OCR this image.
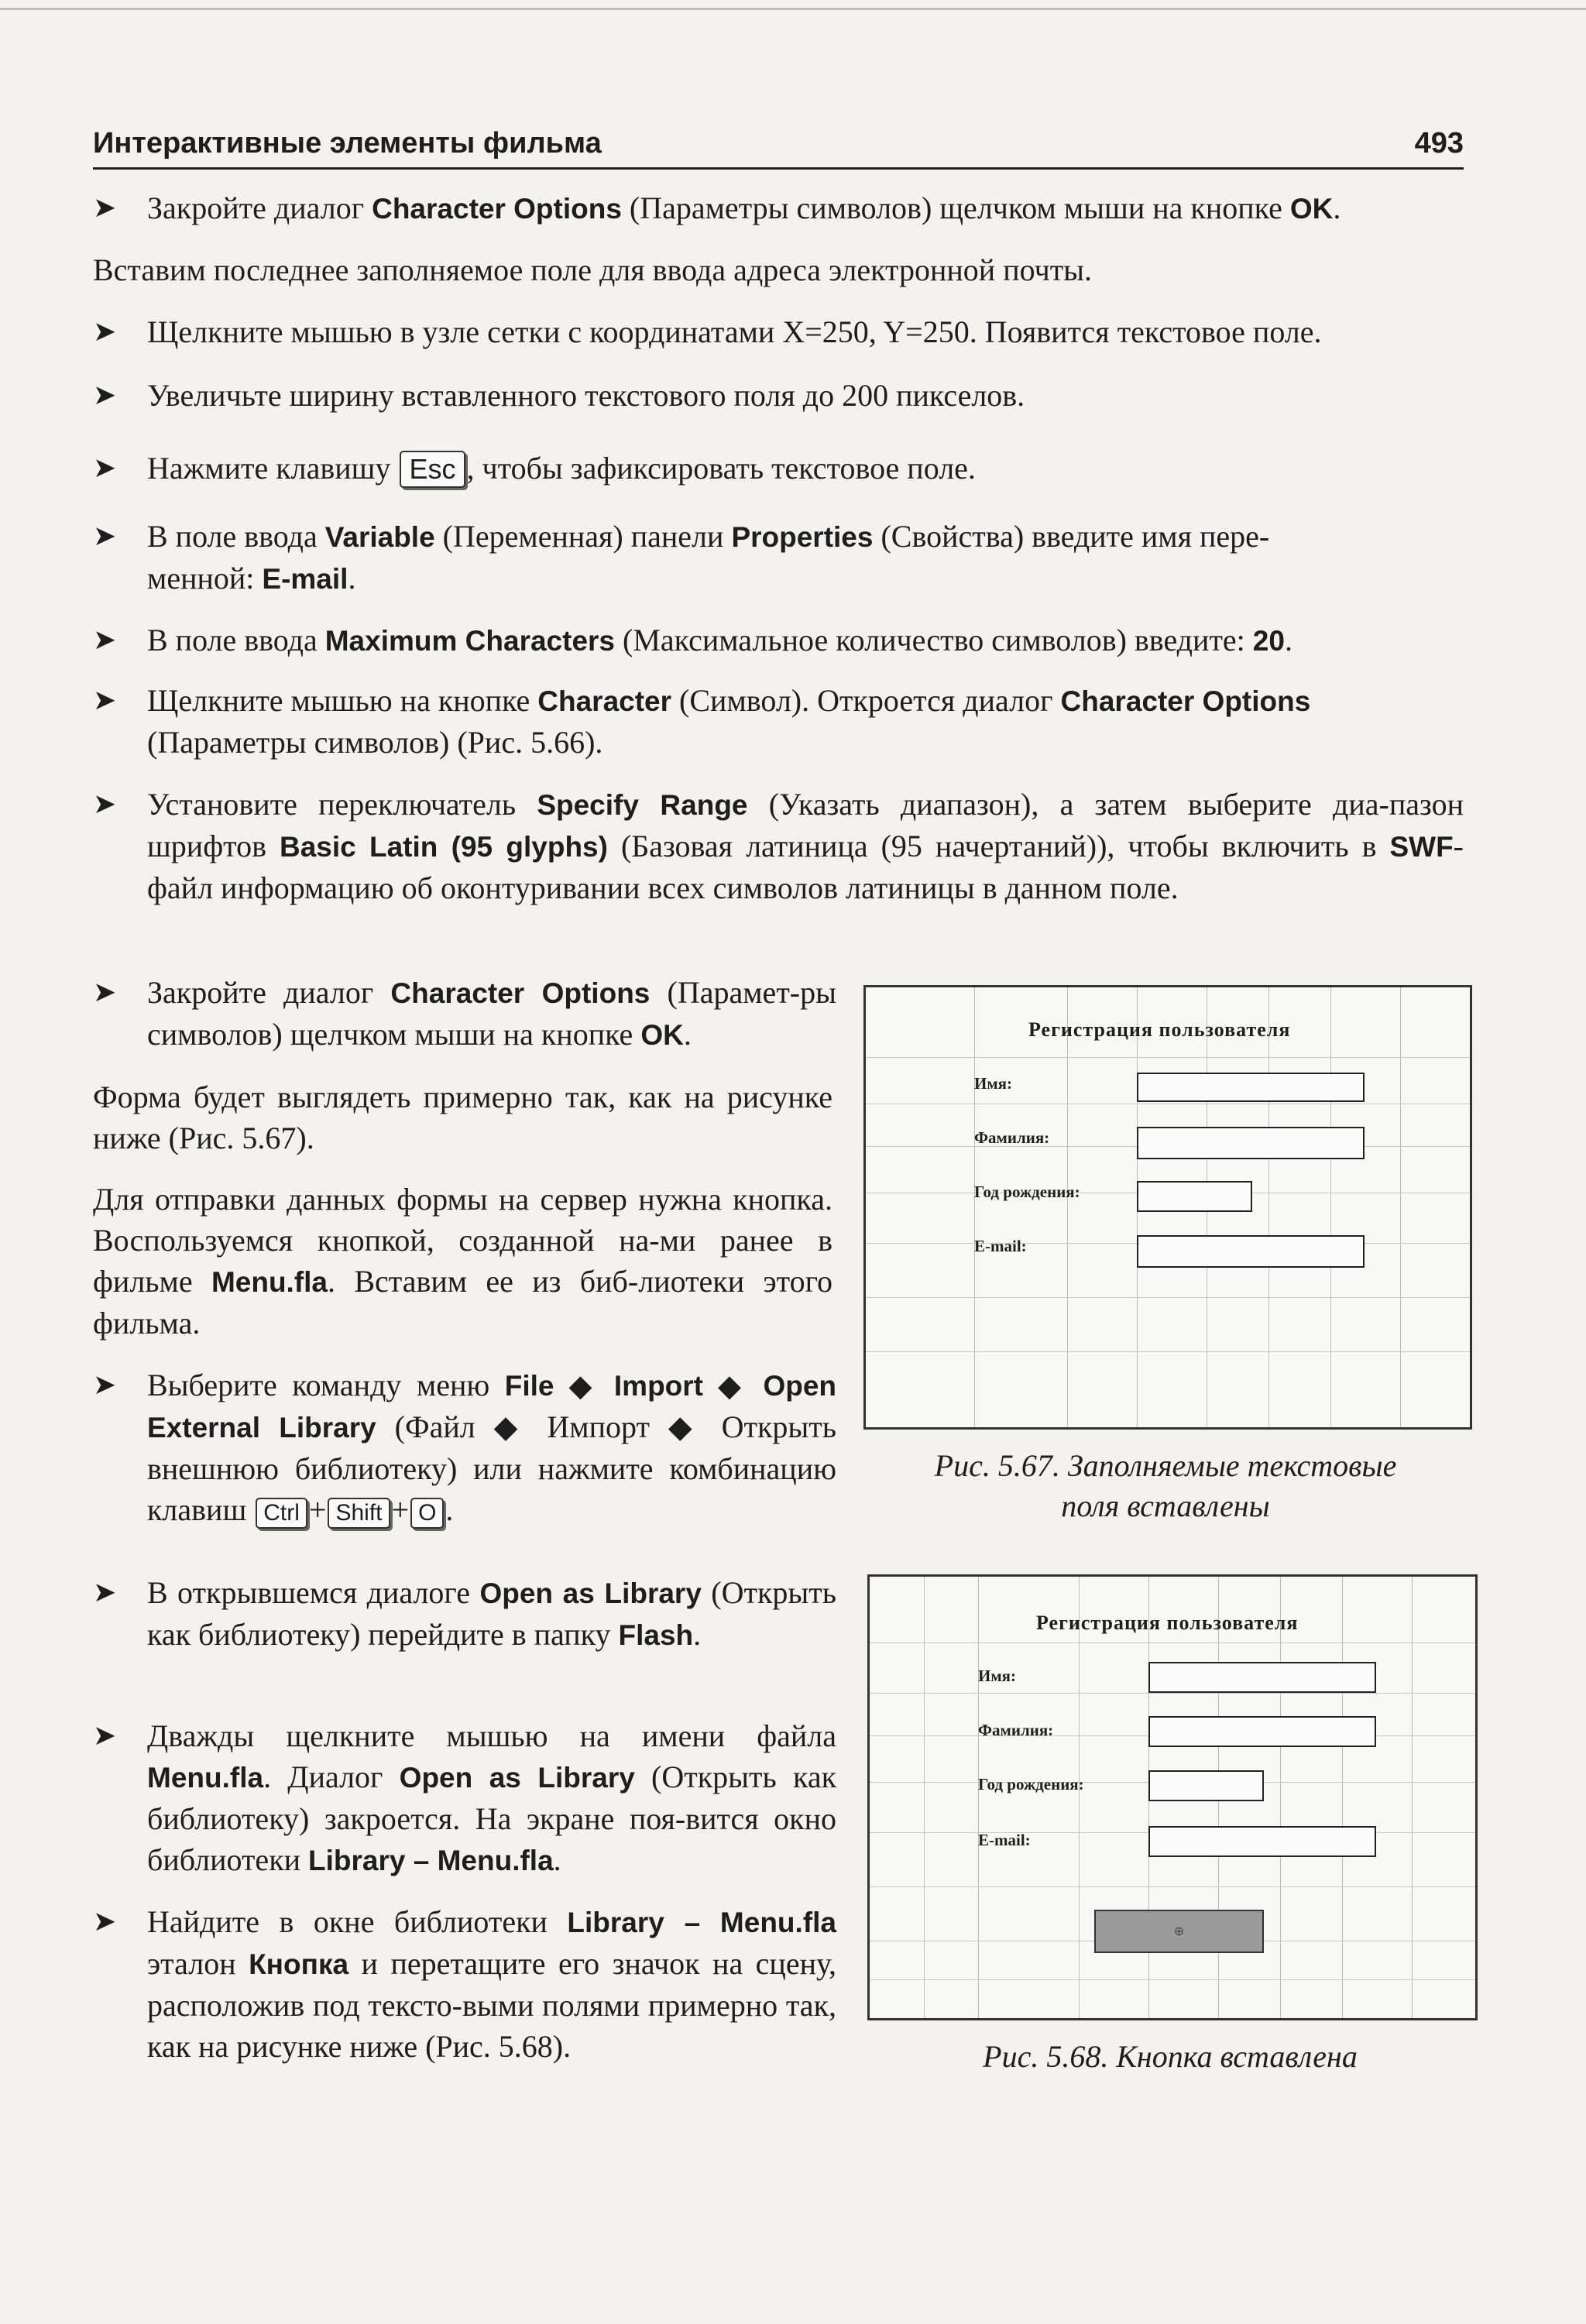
Интерактивные элементы фильма	493
➤ Закройте диалог Character Options (Параметры символов) щелчком мыши на кнопке OK.
Вставим последнее заполняемое поле для ввода адреса электронной почты.
➤ Щелкните мышью в узле сетки с координатами X=250, Y=250. Появится текстовое поле.
➤ Увеличьте ширину вставленного текстового поля до 200 пикселов.
➤ Нажмите клавишу Esc , чтобы зафиксировать текстовое поле.
➤ В поле ввода Variable (Переменная) панели Properties (Свойства) введите имя пере-
менной: E-mail.
➤ В поле ввода Maximum Characters (Максимальное количество символов) введите: 20.
➤ Щелкните мышью на кнопке Character (Символ). Откроется диалог Character Options
(Параметры символов) (Рис. 5.66).
➤ Установите переключатель Specify Range (Указать диапазон), а затем выберите диа-пазон шрифтов Basic Latin (95 glyphs) (Базовая латиница (95 начертаний)), чтобы включить в SWF-файл информацию об оконтуривании всех символов латиницы в данном поле.
➤ Закройте диалог Character Options (Парамет-ры символов) щелчком мыши на кнопке OK.
Форма будет выглядеть примерно так, как на рисунке ниже (Рис. 5.67).
Для отправки данных формы на сервер нужна кнопка. Воспользуемся кнопкой, созданной на-ми ранее в фильме Menu.fla. Вставим ее из биб-лиотеки этого фильма.
➤ Выберите команду меню File ◆ Import ◆ Open External Library (Файл ◆ Импорт ◆ Открыть внешнюю библиотеку) или нажмите комбинацию клавиш Ctrl + Shift + O .
➤ В открывшемся диалоге Open as Library (Открыть как библиотеку) перейдите в папку Flash.
➤ Дважды щелкните мышью на имени файла Menu.fla. Диалог Open as Library (Открыть как библиотеку) закроется. На экране поя-вится окно библиотеки Library – Menu.fla.
➤ Найдите в окне библиотеки Library – Menu.fla эталон Кнопка и перетащите его значок на сцену, расположив под тексто-выми полями примерно так, как на рисунке ниже (Рис. 5.68).
Регистрация пользователя
Имя:
Фамилия:
Год рождения:
E-mail:
Рис. 5.67. Заполняемые текстовые
поля вставлены
Регистрация пользователя
Имя:
Фамилия:
Год рождения:
E-mail:
⊕
Рис. 5.68. Кнопка вставлена
